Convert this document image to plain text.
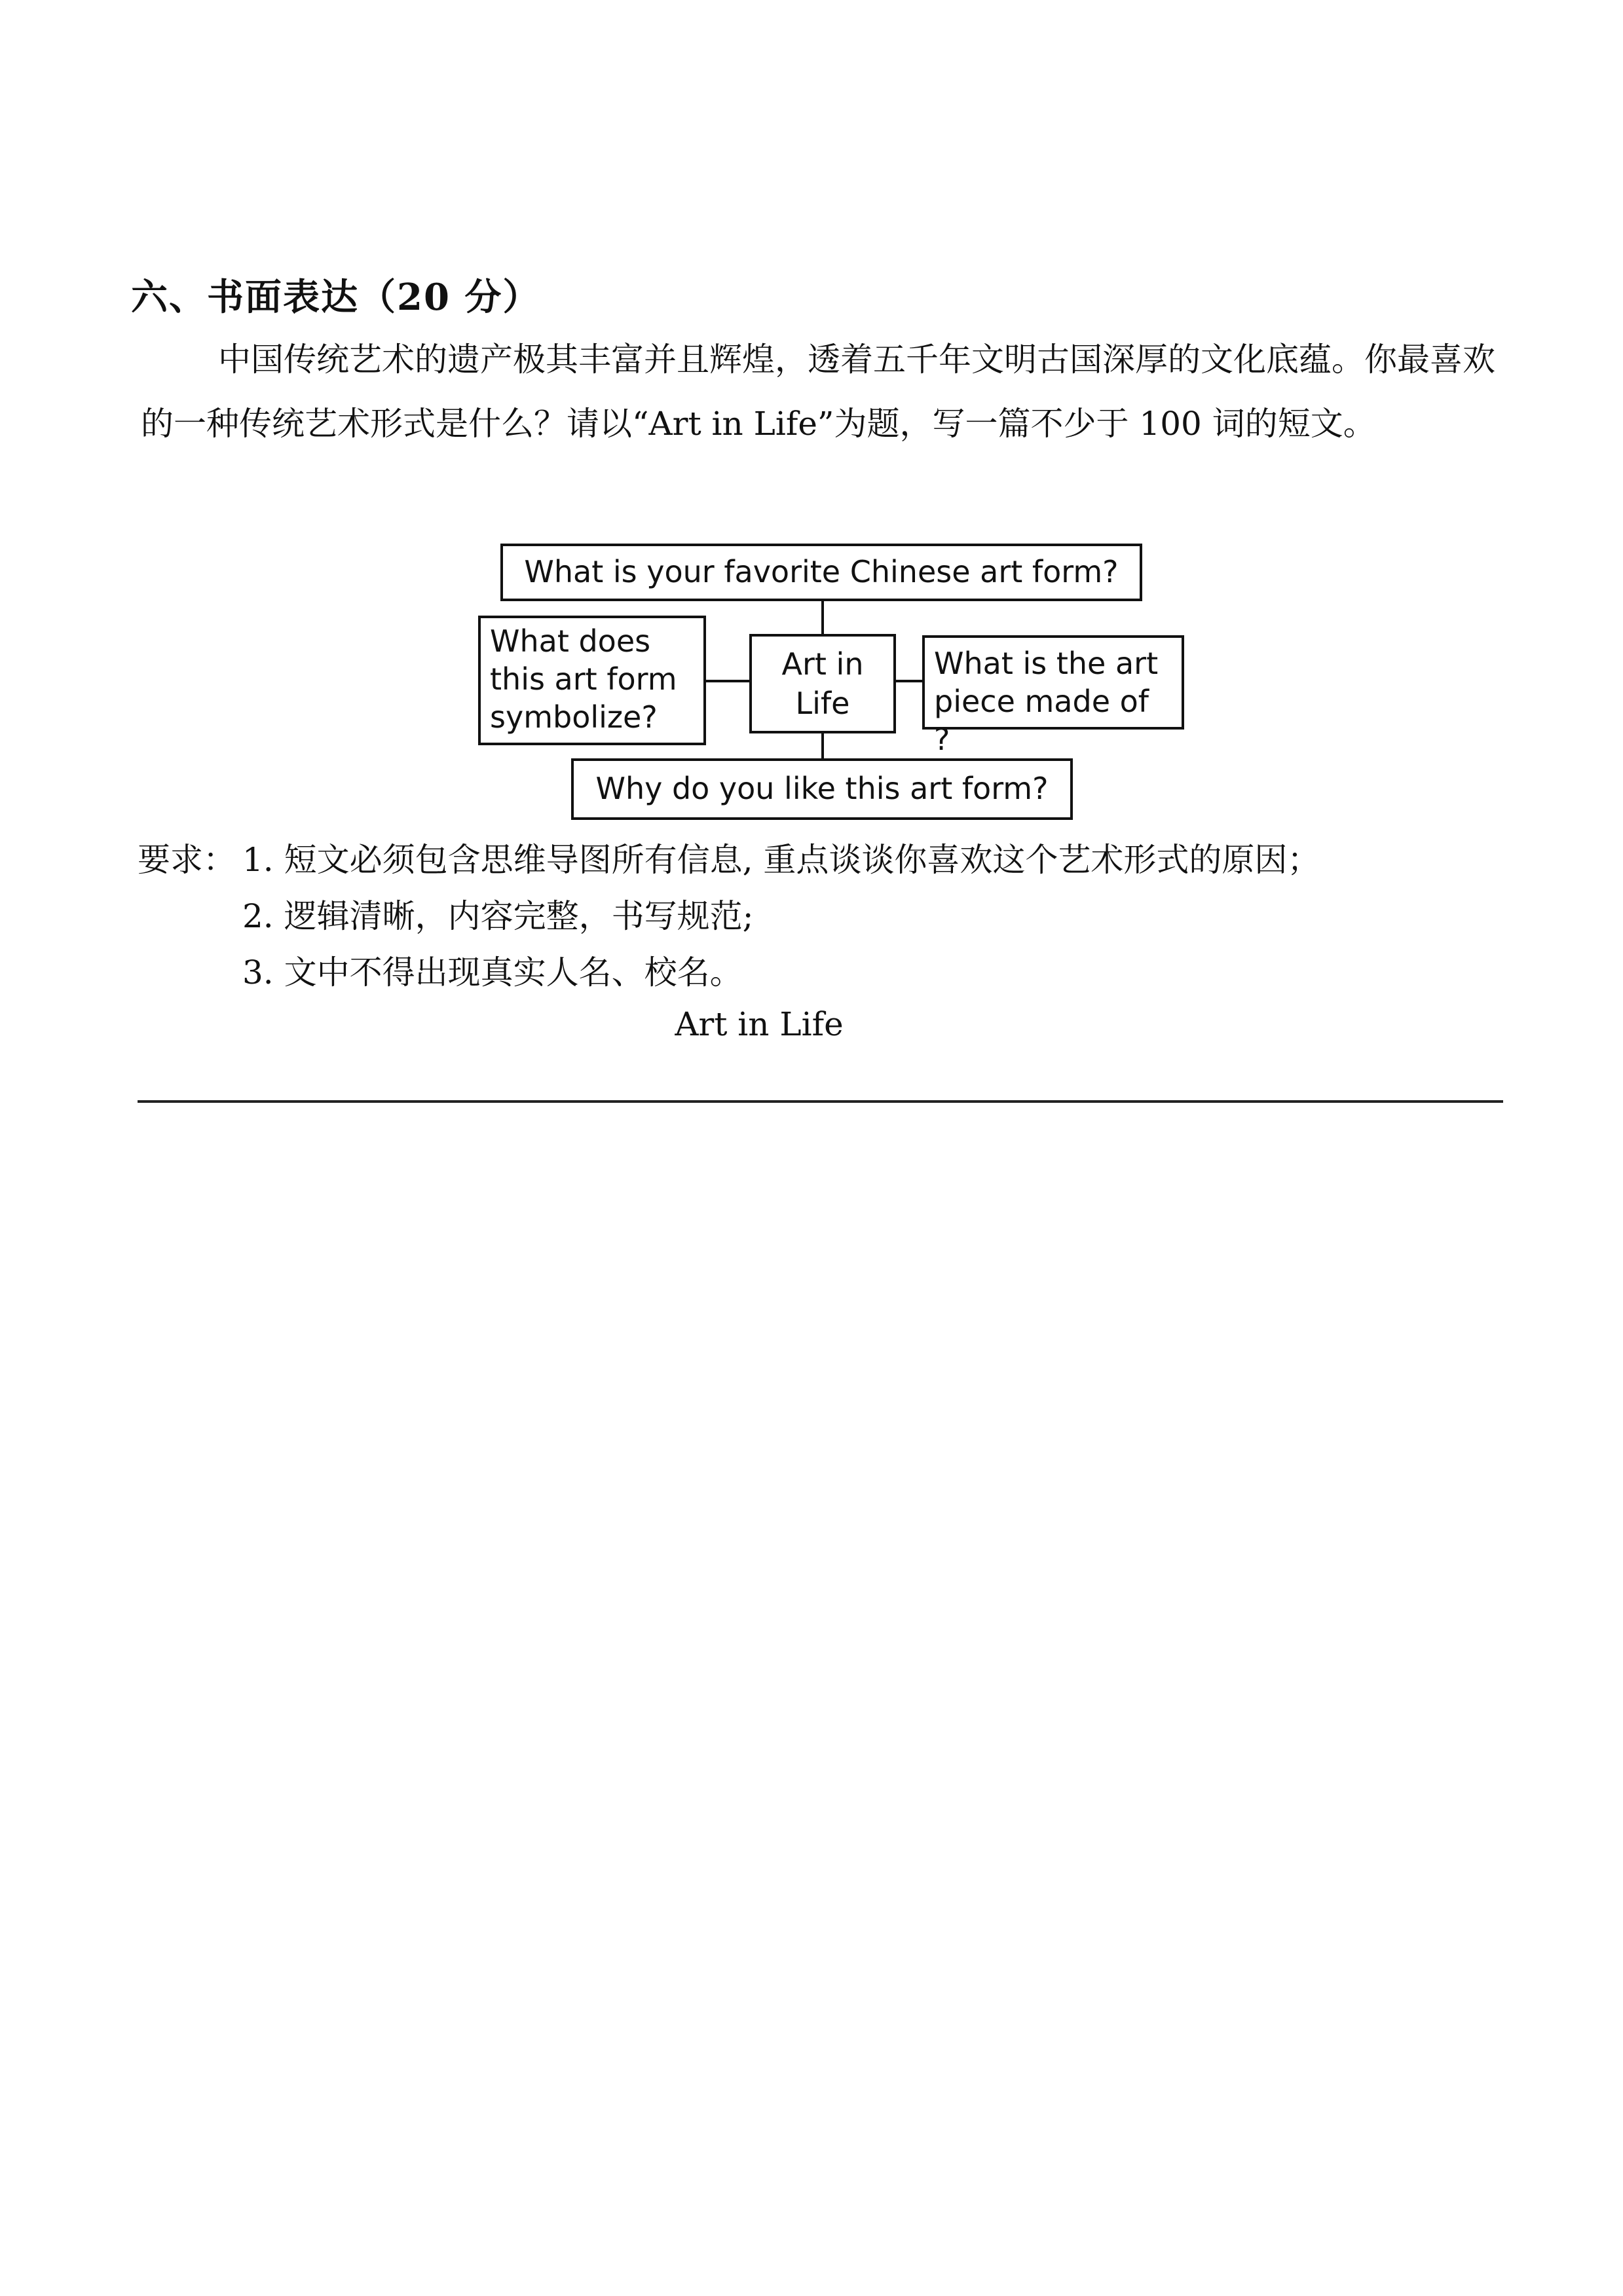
六、书面表达（20 分）
中国传统艺术的遗产极其丰富并且辉煌，透着五千年文明古国深厚的文化底蕴。你最喜欢的一种传统艺术形式是什么？请以“Art in Life”为题，写一篇不少于 100 词的短文。
What is your favorite Chinese art form?
What does this art form symbolize?
Art in Life
What is the art piece made of ?
Why do you like this art form?
要求： 1. 短文必须包含思维导图所有信息, 重点谈谈你喜欢这个艺术形式的原因；
2. 逻辑清晰，内容完整，书写规范;
3. 文中不得出现真实人名、校名。
Art in Life
